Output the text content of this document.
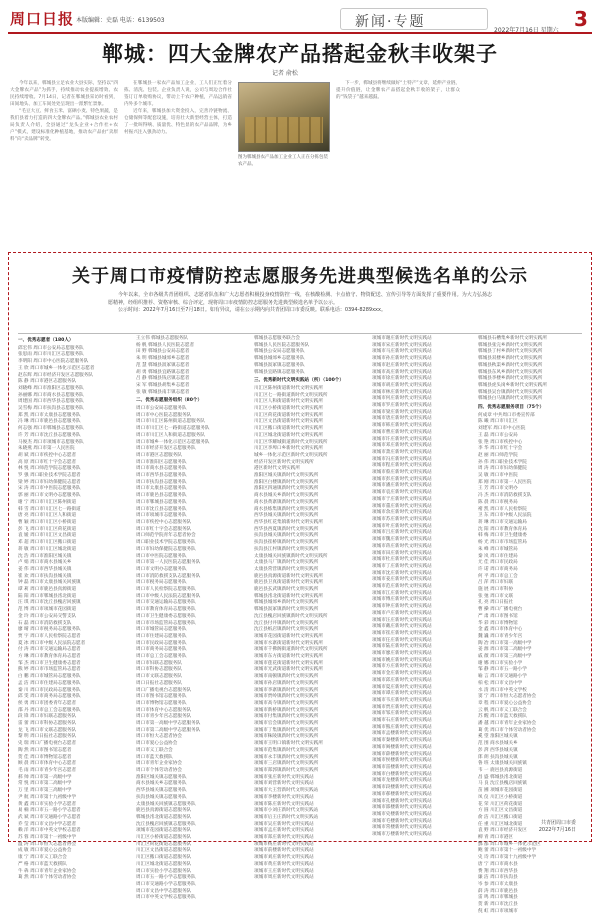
周口日报 本版编辑：史磊 电话：6139503	新闻·专题
2022年7月16日 星期六 3
郸城：四大金牌农产品搭起金秋丰收架子
记者 俞松

今年以来，郸城县立足农业大县实际，坚持以“四大金牌农产品”为抓手，持续推动农业提质增效、农民持续增收。7月14日，记者在郸城县采访时看到，田间地头、加工车间处处呈现出一派繁忙景象。

“毛豆大豆、鲜食玉米、富硒小麦、特色果蔬，是我们县着力打造的四大金牌农产品。”郸城县农业农村局负责人介绍，全县通过“龙头企业+合作社+农户”模式，建设标准化种植基地，推动农产品由“卖原料”向“卖品牌”转变。

在郸城县一家农产品加工企业，工人们正忙着分拣、清洗、包装。企业负责人说，公司与周边合作社签订订单收购协议，带动上千农户种植，产品远销省内外多个城市。

近年来，郸城县加大资金投入，完善冷链物流、仓储保鲜等配套设施，培育壮大新型经营主体，打造了一批叫得响、质量优、特色显的农产品品牌，为乡村振兴注入强劲动力。

图为郸城县农产品加工企业工人正在分拣包装农产品。

下一步，郸城县将继续做好“土特产”文章，延伸产业链、提升价值链，让金牌农产品搭起金秋丰收的架子，让群众的“钱袋子”越来越鼓。

关于周口市疫情防控志愿服务先进典型候选名单的公示

今年以来，全市各级共青团组织、志愿者队伍和广大志愿者积极投身疫情防控一线，在核酸检测、卡点值守、物资配送、宣传引导等方面发挥了重要作用。为大力弘扬志愿精神，经组织推荐、资格审核、综合评定，现将周口市疫情防控志愿服务先进典型候选名单予以公示。

公示时间：2022年7月16日至7月18日。如有异议，请在公示期内向共青团周口市委反映。联系电话：0394-8289xxx。

一、优秀志愿者（180人）
邱宏伟 周口市公安局志愿服务队
张思雨 周口市川汇区志愿服务队
李明阳 周口市中心医院志愿服务队
王 欣 周口市城乡一体化示范区志愿者
赵东辉 周口市经济开发区志愿服务队
陈 静 周口市港区志愿服务队
刘晓峰 周口市淮阳区志愿服务队
孙丽娜 周口市商水县志愿服务队
周建国 周口市西华县志愿服务队
吴雪梅 周口市扶沟县志愿服务队
郑 凯 周口市太康县志愿服务队
冯 琳 周口市鹿邑县志愿服务队
何志强 周口市郸城县志愿服务队
许 芳 周口市沈丘县志愿服务队
马俊杰 周口市项城市志愿服务队
朱晓燕 周口市第一人民医院
胡 斌 周口市疾控中心志愿者
高 原 周口市红十字会志愿者
林 悦 周口师范学院志愿服务队
罗 强 周口职业技术学院志愿者
梁 婷 周口市妇幼保健院志愿者
宋 涛 周口市中医院志愿服务队
郭 丽 周口市文明办志愿服务队
谢 宁 周口市川汇区陈州街道
韩 雪 周口市川汇区七一路街道
唐 亮 周口市川汇区人和街道
曹 颖 周口市川汇区小桥街道
彭 飞 周口市川汇区荷花街道
袁 媛 周口市川汇区文昌街道
邓 超 周口市川汇区搬口街道
蒋 敏 周口市川汇区城北街道
沈 浩 周口市淮阳区城关镇
卢 娟 周口市商水县城关乡
姜 伟 周口市西华县城关镇
崔 欢 周口市扶沟县城关镇
钟 磊 周口市太康县城关回族镇
谭 莉 周口市鹿邑县真源街道
陆 阳 周口市郸城县洺北街道
汪 琪 周口市沈丘县槐店回族镇
范 博 周口市项城市花园街道
金 玲 周口市公安局交警支队
石 磊 周口市消防救援支队
廖 晴 周口市税务局志愿服务队
贾 宇 周口市人民检察院志愿者
夏 冰 周口市中级人民法院志愿者
付 涛 周口市交通运输局志愿者
方 琳 周口市教育体育局志愿者
邹 杰 周口市卫生健康委志愿者
熊 婷 周口市市场监管局志愿者
白 鹏 周口市城管局志愿服务队
孟 洁 周口市住建局志愿服务队
秦 川 周口市民政局志愿服务队
邱 雯 周口市商务局志愿服务队
侯 勇 周口市团委青年志愿者
邵 丹 周口市总工会志愿服务队
段 锋 周口市妇联志愿服务队
雷 蕾 周口市科协志愿服务队
龙 飞 周口市文联志愿服务队
黎 明 周口日报社志愿服务队
史 瑞 周口广播电视台志愿者
陶 然 周口市图书馆志愿者
贺 佳 周口市博物馆志愿者
顾 晨 周口市体育中心志愿者
毛 雨 周口市青少年宫志愿者
郝 帅 周口市第一高级中学
常 悦 周口市第二高级中学
万 里 周口市第三高级中学
尹 航 周口市第十九初级中学
黄 鑫 周口市实验小学志愿者
易 楠 周口市五一路小学志愿者
武 斌 周口市交通路小学志愿者
乔 莹 周口市文昌中学志愿者
赖 洋 周口市中英文学校志愿者
苏 蓉 周口市第十一初级中学
温 涛 周口市恒大志愿者协会
成 敏 周口市爱心公益协会
康 宁 周口市义工联合会
严 格 周口市蓝天救援队
牛 犇 周口市青年企业家协会
葛 然 周口市个体劳动者协会
王立伟 郸城县志愿服务队
杨 帆 郸城县人民医院志愿者
田 野 郸城县公安局志愿者
朱 明 郸城县城郊乡志愿者
范 慧 郸城县汲冢镇志愿者
胡 勇 郸城县宜路镇志愿者
吕 静 郸城县钱店镇志愿者
宋 军 郸城县胡集乡志愿者
张 敏 郸城县南丰镇志愿者
二、优秀志愿服务组织（80个）
周口市公安局志愿服务队
周口市中心医院志愿服务队
周口市川汇区陈州街道志愿服务队
周口市川汇区七一路街道志愿服务队
周口市川汇区人和街道志愿服务队
周口市城乡一体化示范区志愿服务队
周口市经济开发区志愿服务队
周口市港区志愿服务队
周口市淮阳区志愿服务队
周口市商水县志愿服务队
周口市西华县志愿服务队
周口市扶沟县志愿服务队
周口市太康县志愿服务队
周口市鹿邑县志愿服务队
周口市郸城县志愿服务队
周口市沈丘县志愿服务队
周口市项城市志愿服务队
周口市疾控中心志愿服务队
周口市红十字会志愿服务队
周口师范学院青年志愿者协会
周口职业技术学院志愿服务队
周口市妇幼保健院志愿服务队
周口市中医院志愿服务队
周口市第一人民医院志愿服务队
周口市文明办志愿服务队
周口市消防救援支队志愿服务队
周口市税务局志愿服务队
周口市人民检察院志愿服务队
周口市中级人民法院志愿服务队
周口市交通运输局志愿服务队
周口市教育体育局志愿服务队
周口市卫生健康委志愿服务队
周口市市场监管局志愿服务队
周口市城管局志愿服务队
周口市住建局志愿服务队
周口市民政局志愿服务队
周口市商务局志愿服务队
周口市总工会志愿服务队
周口市妇联志愿服务队
周口市科协志愿服务队
周口市文联志愿服务队
周口日报社志愿服务队
周口广播电视台志愿服务队
周口市图书馆志愿服务队
周口市博物馆志愿服务队
周口市体育中心志愿服务队
周口市青少年宫志愿服务队
周口市第一高级中学志愿服务队
周口市第二高级中学志愿服务队
周口市恒大志愿者协会
周口市爱心公益协会
周口市义工联合会
周口市蓝天救援队
周口市青年企业家协会
周口市个体劳动者协会
淮阳区城关镇志愿服务队
商水县城关乡志愿服务队
西华县城关镇志愿服务队
扶沟县城关镇志愿服务队
太康县城关回族镇志愿服务队
鹿邑县真源街道志愿服务队
郸城县洺北街道志愿服务队
沈丘县槐店回族镇志愿服务队
项城市花园街道志愿服务队
川汇区小桥街道志愿服务队
川汇区荷花街道志愿服务队
川汇区文昌街道志愿服务队
川汇区搬口街道志愿服务队
川汇区城北街道志愿服务队
周口市实验小学志愿服务队
周口市五一路小学志愿服务队
周口市交通路小学志愿服务队
周口市文昌中学志愿服务队
周口市中英文学校志愿服务队
郸城县志愿服务联合会
郸城县人民医院志愿服务队
郸城县公安局志愿服务队
郸城县城郊乡志愿服务队
郸城县汲冢镇志愿服务队
郸城县宜路镇志愿服务队
三、优秀新时代文明实践站（所）（100个）
川汇区陈州街道新时代文明实践所
川汇区七一路街道新时代文明实践所
川汇区人和街道新时代文明实践所
川汇区小桥街道新时代文明实践所
川汇区荷花街道新时代文明实践所
川汇区文昌街道新时代文明实践所
川汇区搬口街道新时代文明实践所
川汇区城北街道新时代文明实践所
川汇区华耀城街道新时代文明实践所
川汇区李埠口乡新时代文明实践所
城乡一体化示范区新时代文明实践所
经济开发区新时代文明实践所
港区新时代文明实践所
淮阳区城关镇新时代文明实践所
淮阳区白楼镇新时代文明实践所
淮阳区四通镇新时代文明实践所
商水县城关乡新时代文明实践所
商水县黄寨镇新时代文明实践所
商水县练集镇新时代文明实践所
西华县城关镇新时代文明实践所
西华县红花集镇新时代文明实践所
西华县西夏镇新时代文明实践所
扶沟县城关镇新时代文明实践所
扶沟县崔桥镇新时代文明实践所
扶沟县江村镇新时代文明实践所
太康县城关回族镇新时代文明实践所
太康县马厂镇新时代文明实践所
太康县常营镇新时代文明实践所
鹿邑县真源街道新时代文明实践所
鹿邑县卫真街道新时代文明实践所
鹿邑县玄武镇新时代文明实践所
郸城县洺北街道新时代文明实践所
郸城县城郊乡新时代文明实践所
郸城县汲冢镇新时代文明实践所
沈丘县槐店回族镇新时代文明实践所
沈丘县付井镇新时代文明实践所
沈丘县纸店镇新时代文明实践所
项城市花园街道新时代文明实践所
项城市水寨街道新时代文明实践所
项城市千佛阁街道新时代文明实践所
项城市东方街道新时代文明实践所
项城市莲花街道新时代文明实践所
项城市光武街道新时代文明实践所
项城市南顿镇新时代文明实践所
项城市孙店镇新时代文明实践所
项城市李寨镇新时代文明实践所
项城市贾岭镇新时代文明实践所
项城市高寺镇新时代文明实践所
项城市新桥镇新时代文明实践所
项城市付集镇新时代文明实践所
项城市官会镇新时代文明实践所
项城市丁集镇新时代文明实践所
项城市秣陵镇新时代文明实践所
项城市王明口镇新时代文明实践所
项城市范集镇新时代文明实践所
项城市永丰镇新时代文明实践所
项城市三店镇新时代文明实践所
项城市郑郭镇新时代文明实践所
项城市张庄新时代文明实践站
项城市刘营新时代文明实践站
项城市大王营新时代文明实践站
项城市李楼新时代文明实践站
项城市陈庄新时代文明实践站
项城市小刘庄新时代文明实践站
项城市后王庄新时代文明实践站
项城市吴庄新时代文明实践站
项城市孟庄新时代文明实践站
项城市郑庄新时代文明实践站
项城市杨庄新时代文明实践站
项城市前楼新时代文明实践站
项城市刘庄新时代文明实践站
项城市黄庄新时代文明实践站
项城市王庄新时代文明实践站
项城市周庄新时代文明实践站
项城市谢庄新时代文明实践站
项城市宋庄新时代文明实践站
项城市马庄新时代文明实践站
项城市孙庄新时代文明实践站
项城市赵庄新时代文明实践站
项城市高庄新时代文明实践站
项城市徐庄新时代文明实践站
项城市胡庄新时代文明实践站
项城市林庄新时代文明实践站
项城市何庄新时代文明实践站
项城市罗庄新时代文明实践站
项城市梁庄新时代文明实践站
项城市唐庄新时代文明实践站
项城市韩庄新时代文明实践站
项城市曹庄新时代文明实践站
项城市许庄新时代文明实践站
项城市邓庄新时代文明实践站
项城市萧庄新时代文明实践站
项城市冯庄新时代文明实践站
项城市程庄新时代文明实践站
项城市蔡庄新时代文明实践站
项城市彭庄新时代文明实践站
项城市潘庄新时代文明实践站
项城市袁庄新时代文明实践站
项城市于庄新时代文明实践站
项城市董庄新时代文明实践站
项城市余庄新时代文明实践站
项城市苏庄新时代文明实践站
项城市叶庄新时代文明实践站
项城市吕庄新时代文明实践站
项城市魏庄新时代文明实践站
项城市蒋庄新时代文明实践站
项城市田庄新时代文明实践站
项城市杜庄新时代文明实践站
项城市丁庄新时代文明实践站
项城市沈庄新时代文明实践站
项城市姜庄新时代文明实践站
项城市范庄新时代文明实践站
项城市江庄新时代文明实践站
项城市傅庄新时代文明实践站
项城市钟庄新时代文明实践站
项城市卢庄新时代文明实践站
项城市汪庄新时代文明实践站
项城市戴庄新时代文明实践站
项城市崔庄新时代文明实践站
项城市任庄新时代文明实践站
项城市陆庄新时代文明实践站
项城市廖庄新时代文明实践站
项城市姚庄新时代文明实践站
项城市方庄新时代文明实践站
项城市金庄新时代文明实践站
项城市邱庄新时代文明实践站
项城市夏庄新时代文明实践站
项城市谭庄新时代文明实践站
项城市韦庄新时代文明实践站
项城市贾庄新时代文明实践站
项城市邹庄新时代文明实践站
项城市石庄新时代文明实践站
项城市熊庄新时代文明实践站
项城市孟楼新时代文明实践站
项城市秦楼新时代文明实践站
项城市阎楼新时代文明实践站
项城市薛楼新时代文明实践站
项城市侯楼新时代文明实践站
项城市雷楼新时代文明实践站
项城市白楼新时代文明实践站
项城市龙楼新时代文明实践站
项城市段楼新时代文明实践站
项城市郝楼新时代文明实践站
项城市孔楼新时代文明实践站
项城市邵楼新时代文明实践站
项城市史楼新时代文明实践站
项城市毛楼新时代文明实践站
项城市常楼新时代文明实践站
项城市万楼新时代文明实践站
郸城县石槽集乡新时代文明实践所
郸城县张完乡新时代文明实践所
郸城县丁村乡新时代文明实践所
郸城县双楼乡新时代文明实践所
郸城县秋渠乡新时代文明实践所
郸城县东风乡新时代文明实践所
郸城县李楼乡新时代文明实践所
郸城县虎头岗乡新时代文明实践所
郸城县吴台镇新时代文明实践所
郸城县白马镇新时代文明实践所
四、优秀志愿服务项目（75个）
何成章 中共周口市委宣传部
陈 曦 周口市川汇区
刘建军 周口市中心医院
王 磊 周口市公安局
张 艳 周口市疾控中心
李 华 周口市红十字会
赵 丽 周口师范学院
孙 伟 周口职业技术学院
周 涛 周口市妇幼保健院
吴 敏 周口市中医院
郑 刚 周口市第一人民医院
王 芳 周口市文明办
冯 杰 周口市消防救援支队
陈 晨 周口市税务局
褚 凯 周口市人民检察院
卫 东 周口市中级人民法院
蒋 琳 周口市交通运输局
沈 阳 周口市教育体育局
韩 梅 周口市卫生健康委
杨 光 周口市市场监管局
朱 峰 周口市城管局
秦 岚 周口市住建局
尤 佳 周口市民政局
许 诺 周口市商务局
何 平 周口市总工会
吕 萍 周口市妇联
施 展 周口市科协
张 弛 周口市文联
孔 亮 周口日报社
曹 操 周口广播电视台
严 肃 周口市图书馆
华 彩 周口市博物馆
金 鑫 周口市体育中心
魏 巍 周口市青少年宫
陶 冶 周口市第一高级中学
姜 源 周口市第二高级中学
戚 薇 周口市第三高级中学
谢 娜 周口市实验小学
邹 静 周口市五一路小学
喻 言 周口市交通路小学
柏 松 周口市文昌中学
水 清 周口市中英文学校
窦 宁 周口市恒大志愿者协会
章 程 周口市爱心公益协会
云 帆 周口市义工联合会
苏 醒 周口市蓝天救援队
潘 越 周口市青年企业家协会
葛 优 周口市个体劳动者协会
奚 望 淮阳区城关镇
范 围 商水县城关乡
彭 湃 西华县城关镇
郎 朗 扶沟县城关镇
鲁 班 太康县城关回族镇
韦 一 鹿邑县真源街道
昌 盛 郸城县洺北街道
马 良 沈丘县槐店回族镇
苗 圃 项城市花园街道
凤 仪 川汇区小桥街道
花 荣 川汇区荷花街道
方 圆 川汇区文昌街道
俞 洁 川汇区搬口街道
任 重 川汇区城北街道
袁 野 周口市经济开发区
柳 青 周口市港区
酆 都 周口市城乡一体化示范区
鲍 蕾 周口市第十一初级中学
史 诗 周口市第十九初级中学
唐 宁 周口市商水县
费 翔 周口市西华县
廉 洁 周口市扶沟县
岑 参 周口市太康县
薛 涛 周口市鹿邑县
雷 鸣 周口市郸城县
贺 新 周口市沈丘县
倪 虹 周口市项城市
共青团周口市委
2022年7月16日
